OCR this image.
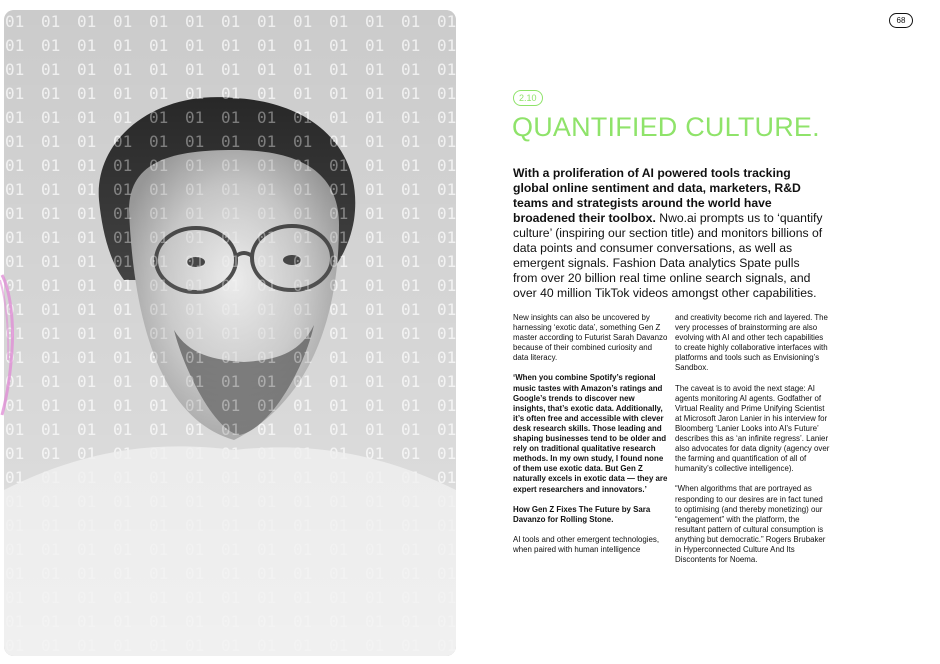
68
2.10
QUANTIFIED CULTURE.
With a proliferation of AI powered tools tracking global online sentiment and data, marketers, R&D teams and strategists around the world have broadened their toolbox. Nwo.ai prompts us to ‘quantify culture’ (inspiring our section title) and monitors billions of data points and consumer conversations, as well as emergent signals. Fashion Data analytics Spate pulls from over 20 billion real time online search signals, and over 40 million TikTok videos amongst other capabilities.

New insights can also be uncovered by harnessing ‘exotic data’, something Gen Z master according to Futurist Sarah Davanzo because of their combined curiosity and data literacy.

‘When you combine Spotify’s regional music tastes with Amazon’s ratings and Google’s trends to discover new insights, that’s exotic data. Additionally, it’s often free and accessible with clever desk research skills. Those leading and shaping businesses tend to be older and rely on traditional qualitative research methods. In my own study, I found none of them use exotic data. But Gen Z naturally excels in exotic data — they are expert researchers and innovators.’

How Gen Z Fixes The Future by Sara Davanzo for Rolling Stone.

AI tools and other emergent technologies, when paired with human intelligence

and creativity become rich and layered. The very processes of brainstorming are also evolving with AI and other tech capabilities to create highly collaborative interfaces with platforms and tools such as Envisioning’s Sandbox.

The caveat is to avoid the next stage: AI agents monitoring AI agents. Godfather of Virtual Reality and Prime Unifying Scientist at Microsoft Jaron Lanier in his interview for Bloomberg ‘Lanier Looks into AI’s Future’ describes this as ‘an infinite regress’. Lanier also advocates for data dignity (agency over the farming and quantification of all of humanity’s collective intelligence).

“When algorithms that are portrayed as responding to our desires are in fact tuned to optimising (and thereby monetizing) our “engagement” with the platform, the resultant pattern of cultural consumption is anything but democratic.” Rogers Brubaker in Hyperconnected Culture And Its Discontents for Noema.
